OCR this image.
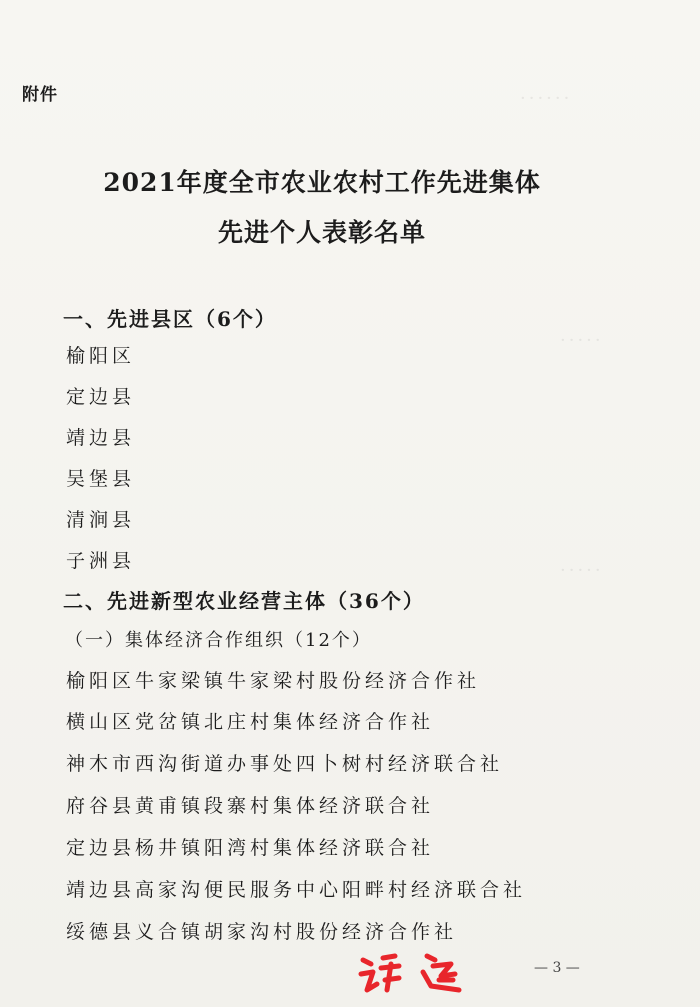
······
·····
·····
附件
2021年度全市农业农村工作先进集体
先进个人表彰名单
一、先进县区（6个）
榆阳区
定边县
靖边县
吴堡县
清涧县
子洲县
二、先进新型农业经营主体（36个）
（一）集体经济合作组织（12个）
榆阳区牛家梁镇牛家梁村股份经济合作社
横山区党岔镇北庄村集体经济合作社
神木市西沟街道办事处四卜树村经济联合社
府谷县黄甫镇段寨村集体经济联合社
定边县杨井镇阳湾村集体经济联合社
靖边县高家沟便民服务中心阳畔村经济联合社
绥德县义合镇胡家沟村股份经济合作社
— 3 —
